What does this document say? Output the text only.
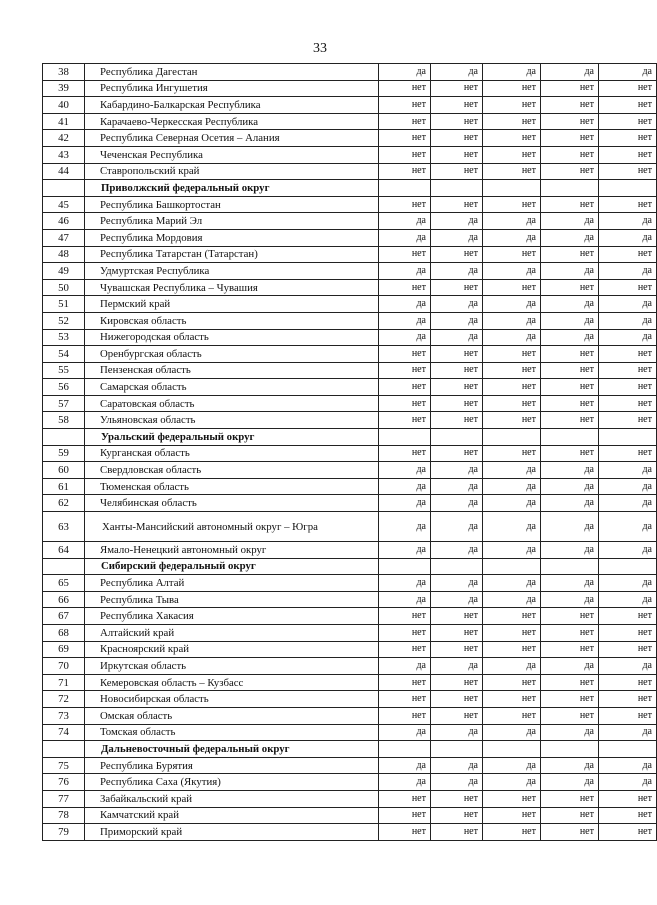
33
38	Республика Дагестан	да	да	да	да	да
39	Республика Ингушетия	нет	нет	нет	нет	нет
40	Кабардино-Балкарская Республика	нет	нет	нет	нет	нет
41	Карачаево-Черкесская Республика	нет	нет	нет	нет	нет
42	Республика Северная Осетия – Алания	нет	нет	нет	нет	нет
43	Чеченская Республика	нет	нет	нет	нет	нет
44	Ставропольский край	нет	нет	нет	нет	нет
	Приволжский федеральный округ					
45	Республика Башкортостан	нет	нет	нет	нет	нет
46	Республика Марий Эл	да	да	да	да	да
47	Республика Мордовия	да	да	да	да	да
48	Республика Татарстан (Татарстан)	нет	нет	нет	нет	нет
49	Удмуртская Республика	да	да	да	да	да
50	Чувашская Республика – Чувашия	нет	нет	нет	нет	нет
51	Пермский край	да	да	да	да	да
52	Кировская область	да	да	да	да	да
53	Нижегородская область	да	да	да	да	да
54	Оренбургская область	нет	нет	нет	нет	нет
55	Пензенская область	нет	нет	нет	нет	нет
56	Самарская область	нет	нет	нет	нет	нет
57	Саратовская область	нет	нет	нет	нет	нет
58	Ульяновская область	нет	нет	нет	нет	нет
	Уральский федеральный округ					
59	Курганская область	нет	нет	нет	нет	нет
60	Свердловская область	да	да	да	да	да
61	Тюменская область	да	да	да	да	да
62	Челябинская область	да	да	да	да	да
63	Ханты-Мансийский автономный округ – Югра	да	да	да	да	да
64	Ямало-Ненецкий автономный округ	да	да	да	да	да
	Сибирский федеральный округ					
65	Республика Алтай	да	да	да	да	да
66	Республика Тыва	да	да	да	да	да
67	Республика Хакасия	нет	нет	нет	нет	нет
68	Алтайский край	нет	нет	нет	нет	нет
69	Красноярский край	нет	нет	нет	нет	нет
70	Иркутская область	да	да	да	да	да
71	Кемеровская область – Кузбасс	нет	нет	нет	нет	нет
72	Новосибирская область	нет	нет	нет	нет	нет
73	Омская область	нет	нет	нет	нет	нет
74	Томская область	да	да	да	да	да
	Дальневосточный федеральный округ					
75	Республика Бурятия	да	да	да	да	да
76	Республика Саха (Якутия)	да	да	да	да	да
77	Забайкальский край	нет	нет	нет	нет	нет
78	Камчатский край	нет	нет	нет	нет	нет
79	Приморский край	нет	нет	нет	нет	нет
